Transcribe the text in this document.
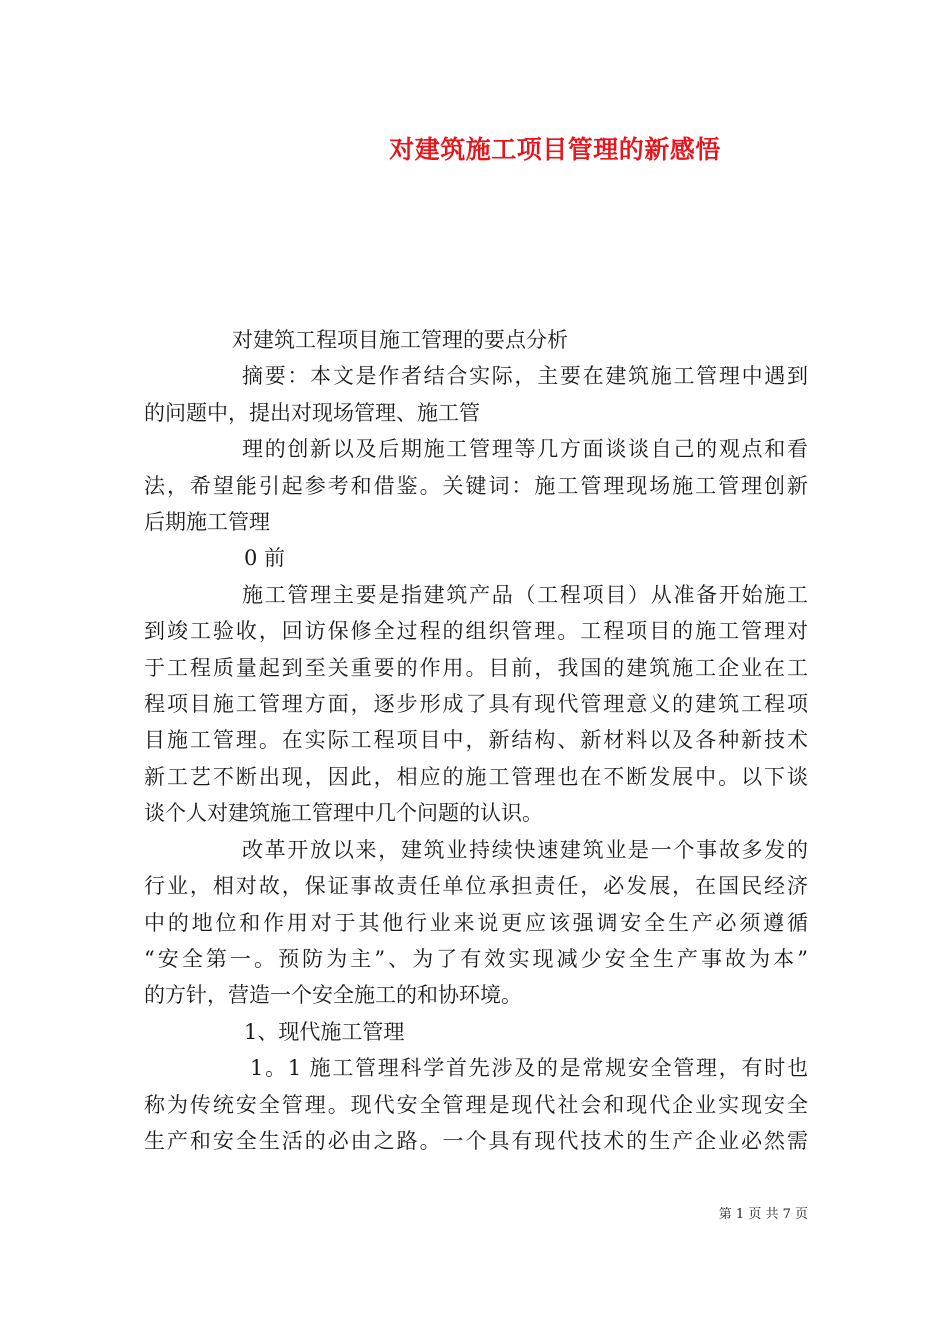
对建筑施工项目管理的新感悟

对建筑工程项目施工管理的要点分析

摘要：本文是作者结合实际，主要在建筑施工管理中遇到
的问题中，提出对现场管理、施工管

理的创新以及后期施工管理等几方面谈谈自己的观点和看
法，希望能引起参考和借鉴。关键词：施工管理现场施工管理创新
后期施工管理

0 前

施工管理主要是指建筑产品（工程项目）从准备开始施工
到竣工验收，回访保修全过程的组织管理。工程项目的施工管理对
于工程质量起到至关重要的作用。目前，我国的建筑施工企业在工
程项目施工管理方面，逐步形成了具有现代管理意义的建筑工程项
目施工管理。在实际工程项目中，新结构、新材料以及各种新技术
新工艺不断出现，因此，相应的施工管理也在不断发展中。以下谈
谈个人对建筑施工管理中几个问题的认识。

改革开放以来，建筑业持续快速建筑业是一个事故多发的
行业，相对故，保证事故责任单位承担责任，必发展，在国民经济
中的地位和作用对于其他行业来说更应该强调安全生产必须遵循
“安全第一。预防为主”、为了有效实现减少安全生产事故为本”
的方针，营造一个安全施工的和协环境。

1、现代施工管理

1。1 施工管理科学首先涉及的是常规安全管理，有时也
称为传统安全管理。现代安全管理是现代社会和现代企业实现安全
生产和安全生活的必由之路。一个具有现代技术的生产企业必然需

第 1 页 共 7 页
